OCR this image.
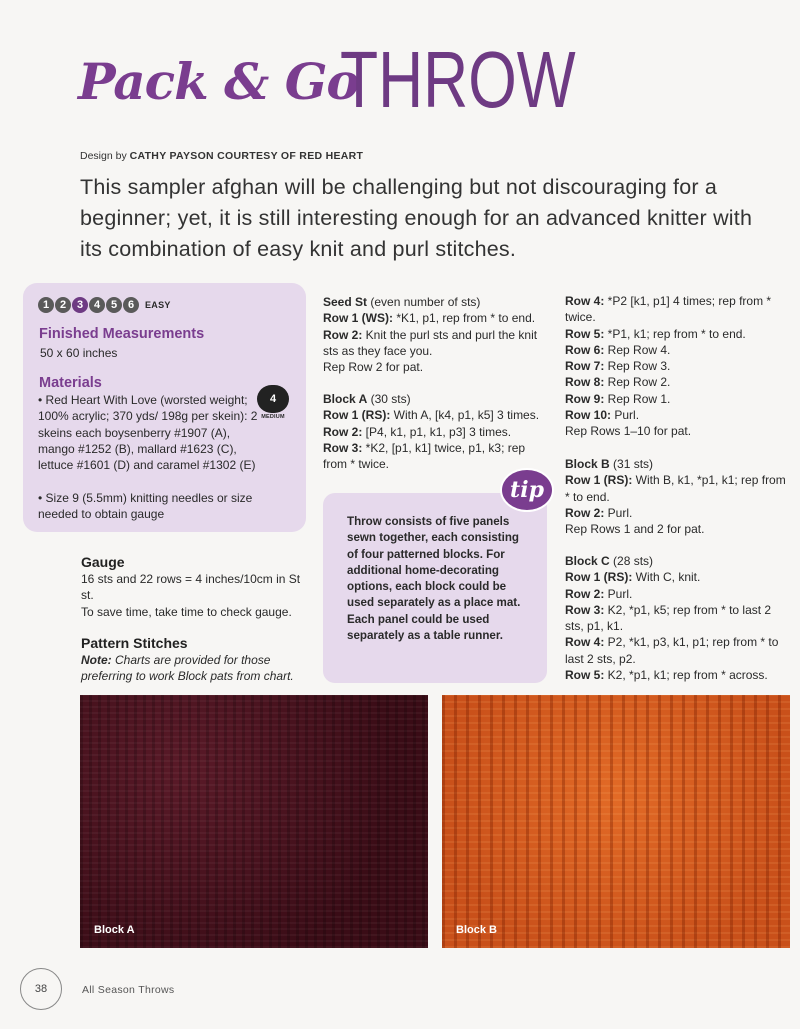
Pack & Go
THROW
Design by CATHY PAYSON COURTESY OF RED HEART
This sampler afghan will be challenging but not discouraging for a beginner; yet, it is still interesting enough for an advanced knitter with its combination of easy knit and purl stitches.
1 2 3 4 5 6	EASY
Finished Measurements
50 x 60 inches
Materials
• Red Heart With Love (worsted weight; 100% acrylic; 370 yds/ 198g per skein): 2 skeins each boysenberry #1907 (A), mango #1252 (B), mallard #1623 (C), lettuce #1601 (D) and caramel #1302 (E)
• Size 9 (5.5mm) knitting needles or size needed to obtain gauge
4
MEDIUM
Gauge
16 sts and 22 rows = 4 inches/10cm in St st.
To save time, take time to check gauge.
Pattern Stitches
Note: Charts are provided for those preferring to work Block pats from chart.
Seed St (even number of sts)
Row 1 (WS): *K1, p1, rep from * to end.
Row 2: Knit the purl sts and purl the knit sts as they face you.
Rep Row 2 for pat.
Block A (30 sts)
Row 1 (RS): With A, [k4, p1, k5] 3 times.
Row 2: [P4, k1, p1, k1, p3] 3 times.
Row 3: *K2, [p1, k1] twice, p1, k3; rep from * twice.
tip
Throw consists of five panels sewn together, each consisting of four patterned blocks. For additional home-decorating options, each block could be used separately as a place mat. Each panel could be used separately as a table runner.
Row 4: *P2 [k1, p1] 4 times; rep from * twice.
Row 5: *P1, k1; rep from * to end.
Row 6: Rep Row 4.
Row 7: Rep Row 3.
Row 8: Rep Row 2.
Row 9: Rep Row 1.
Row 10: Purl.
Rep Rows 1–10 for pat.
Block B (31 sts)
Row 1 (RS): With B, k1, *p1, k1; rep from * to end.
Row 2: Purl.
Rep Rows 1 and 2 for pat.
Block C (28 sts)
Row 1 (RS): With C, knit.
Row 2: Purl.
Row 3: K2, *p1, k5; rep from * to last 2 sts, p1, k1.
Row 4: P2, *k1, p3, k1, p1; rep from * to last 2 sts, p2.
Row 5: K2, *p1, k1; rep from * across.
Block A	Block B
38	All Season Throws
